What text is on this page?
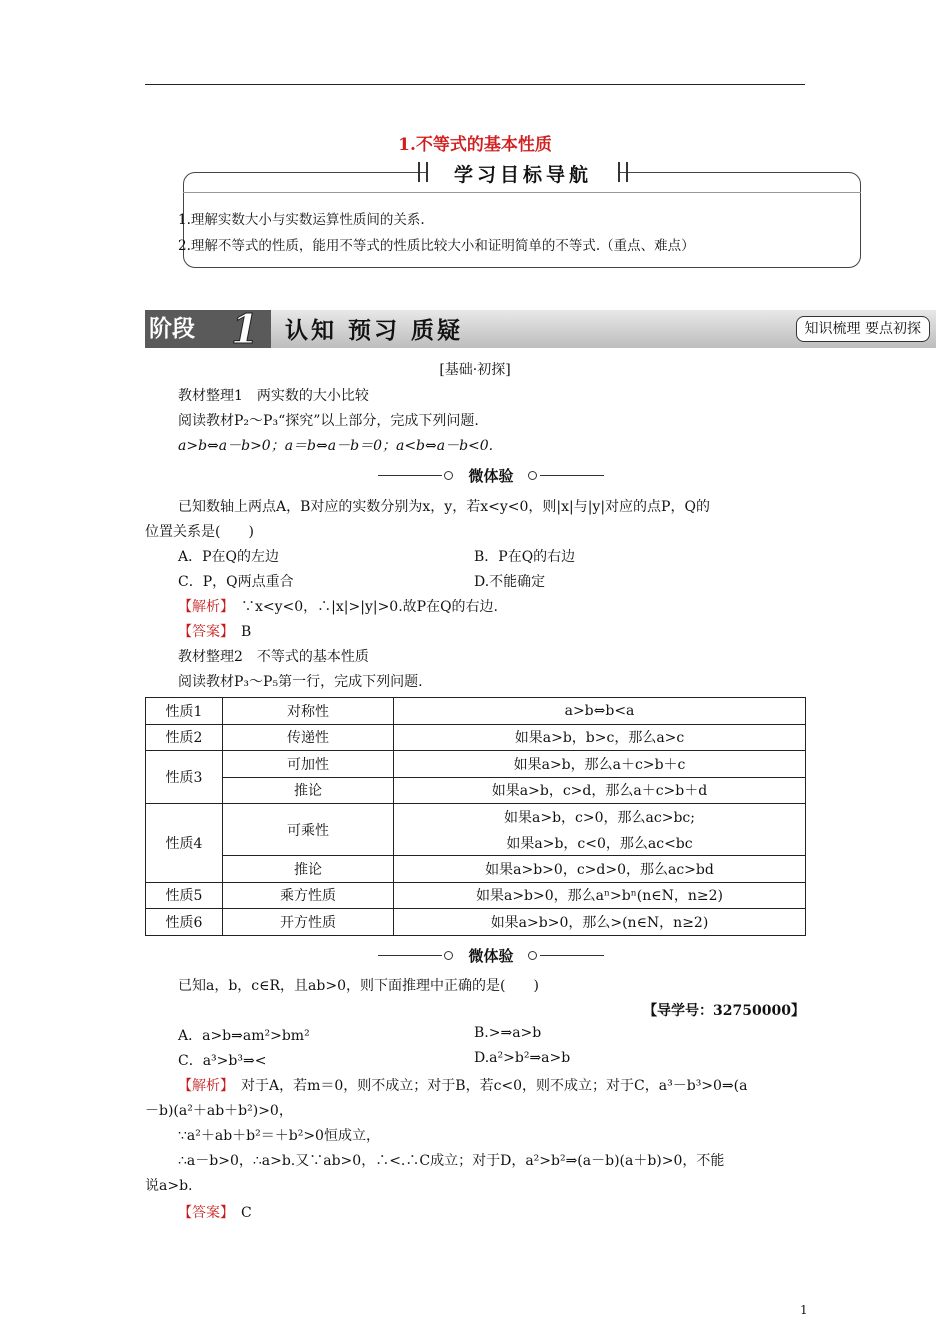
1.不等式的基本性质
学习目标导航
1.理解实数大小与实数运算性质间的关系.
2.理解不等式的性质，能用不等式的性质比较大小和证明简单的不等式.（重点、难点）
阶段 1 认知 预习 质疑	知识梳理 要点初探
[基础·初探]
教材整理1　两实数的大小比较
阅读教材P₂～P₃“探究”以上部分，完成下列问题.
a>b⇔a－b>0；a＝b⇔a－b＝0；a<b⇔a－b<0.
微体验
已知数轴上两点A，B对应的实数分别为x，y，若x<y<0，则|x|与|y|对应的点P，Q的
位置关系是(　　)
A．P在Q的左边	B．P在Q的右边
C．P，Q两点重合	D.不能确定
【解析】　 ∵x<y<0，∴|x|>|y|>0.故P在Q的右边.
【答案】　 B
教材整理2　不等式的基本性质
阅读教材P₃～P₅第一行，完成下列问题.
性质1	对称性	a>b⇔b<a
性质2	传递性	如果a>b，b>c，那么a>c
性质3	可加性	如果a>b，那么a＋c>b＋c
	推论	如果a>b，c>d，那么a＋c>b＋d
性质4	可乘性	如果a>b，c>0，那么ac>bc;
如果a>b，c<0，那么ac<bc

	推论	如果a>b>0，c>d>0，那么ac>bd
性质5	乘方性质	如果a>b>0，那么aⁿ>bⁿ(n∈N，n≥2)
性质6	开方性质	如果a>b>0，那么>(n∈N，n≥2)
微体验
已知a，b，c∈R，且ab>0，则下面推理中正确的是(　　)
【导学号：32750000】
A．a>b⇒am²>bm²	B.>⇒a>b
C．a³>b³⇒<	D.a²>b²⇒a>b
【解析】　 对于A，若m＝0，则不成立；对于B，若c<0，则不成立；对于C，a³－b³>0⇒(a
－b)(a²＋ab＋b²)>0，
∵a²＋ab＋b²＝＋b²>0恒成立，
∴a－b>0，∴a>b.又∵ab>0，∴<.∴C成立；对于D，a²>b²⇒(a－b)(a＋b)>0，不能
说a>b.
【答案】　 C
1
